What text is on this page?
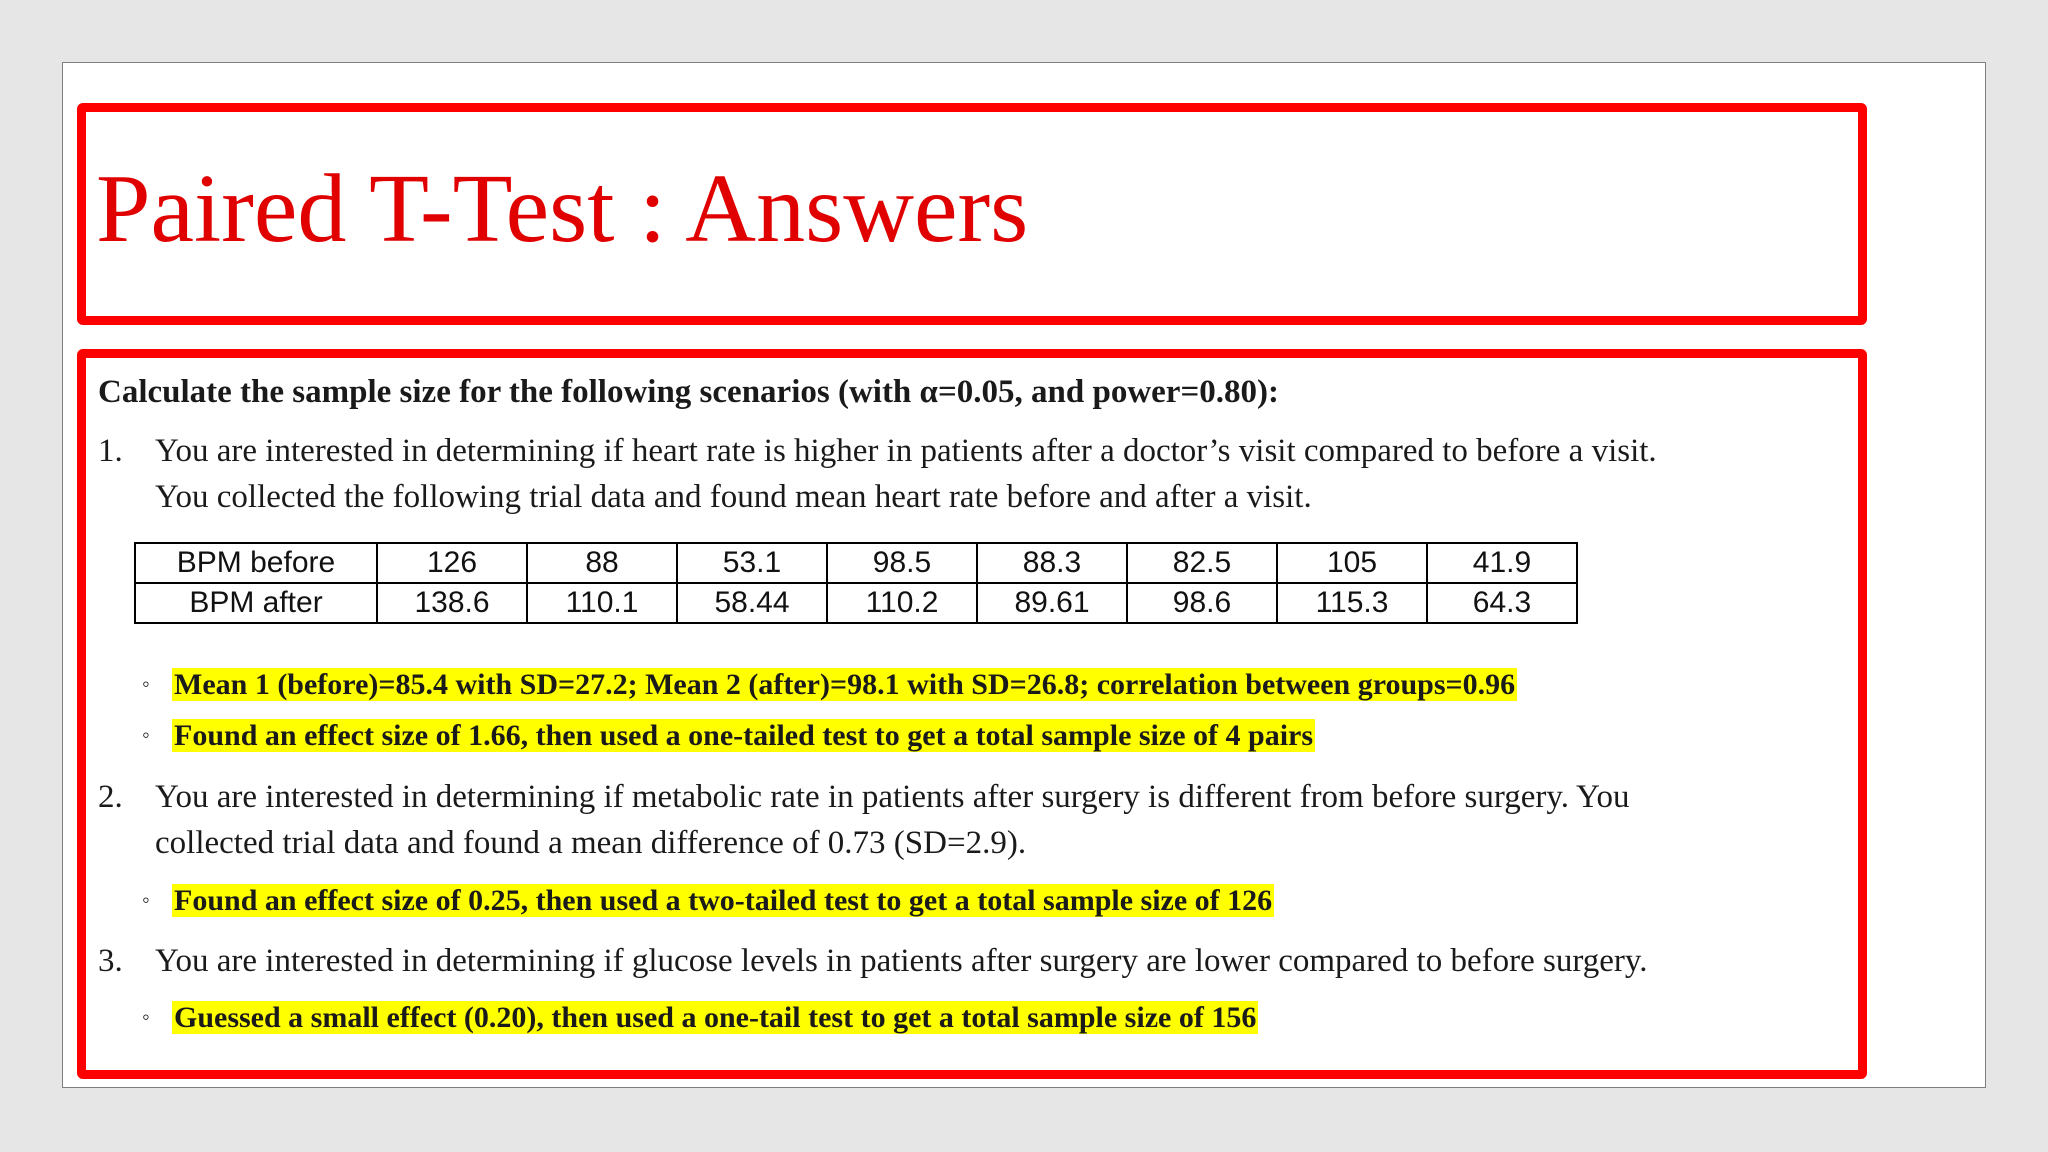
Paired T-Test : Answers
Calculate the sample size for the following scenarios (with α=0.05, and power=0.80):
1. You are interested in determining if heart rate is higher in patients after a doctor’s visit compared to before a visit.
You collected the following trial data and found mean heart rate before and after a visit.
BPM before	126	88	53.1	98.5	88.3	82.5	105	41.9
BPM after	138.6	110.1	58.44	110.2	89.61	98.6	115.3	64.3
◦ Mean 1 (before)=85.4 with SD=27.2; Mean 2 (after)=98.1 with SD=26.8; correlation between groups=0.96
◦ Found an effect size of 1.66, then used a one-tailed test to get a total sample size of 4 pairs
2. You are interested in determining if metabolic rate in patients after surgery is different from before surgery. You
collected trial data and found a mean difference of 0.73 (SD=2.9).
◦ Found an effect size of 0.25, then used a two-tailed test to get a total sample size of 126
3. You are interested in determining if glucose levels in patients after surgery are lower compared to before surgery.
◦ Guessed a small effect (0.20), then used a one-tail test to get a total sample size of 156
